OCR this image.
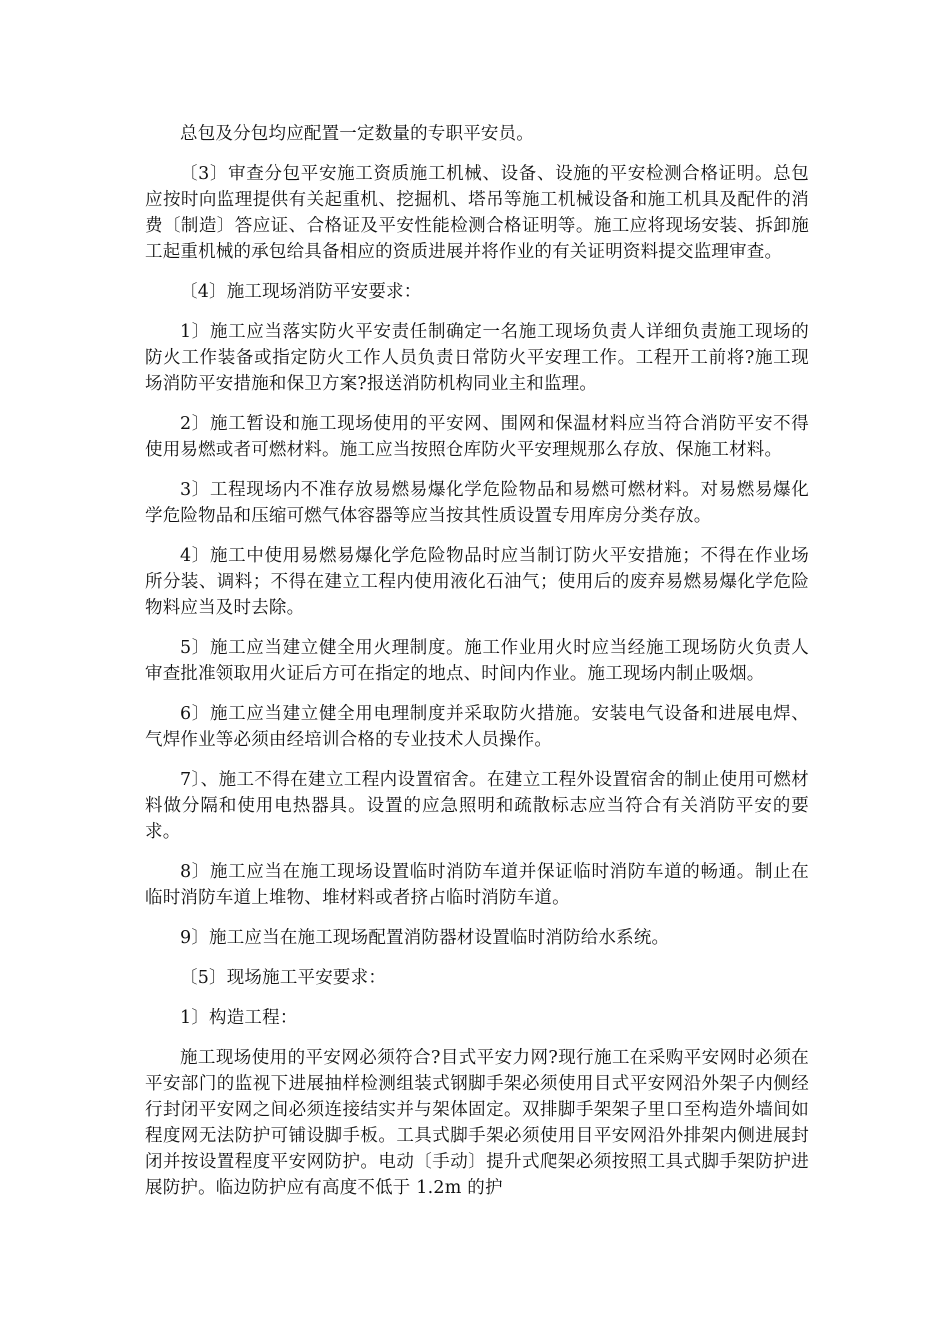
总包及分包均应配置一定数量的专职平安员。

〔3〕审查分包平安施工资质施工机械、设备、设施的平安检测合格证明。总包应按时向监理提供有关起重机、挖掘机、塔吊等施工机械设备和施工机具及配件的消费〔制造〕答应证、合格证及平安性能检测合格证明等。施工应将现场安装、拆卸施工起重机械的承包给具备相应的资质进展并将作业的有关证明资料提交监理审查。

〔4〕施工现场消防平安要求：

1〕施工应当落实防火平安责任制确定一名施工现场负责人详细负责施工现场的防火工作装备或指定防火工作人员负责日常防火平安理工作。工程开工前将?施工现场消防平安措施和保卫方案?报送消防机构同业主和监理。

2〕施工暂设和施工现场使用的平安网、围网和保温材料应当符合消防平安不得使用易燃或者可燃材料。施工应当按照仓库防火平安理规那么存放、保施工材料。

3〕工程现场内不准存放易燃易爆化学危险物品和易燃可燃材料。对易燃易爆化学危险物品和压缩可燃气体容器等应当按其性质设置专用库房分类存放。

4〕施工中使用易燃易爆化学危险物品时应当制订防火平安措施；不得在作业场所分装、调料；不得在建立工程内使用液化石油气；使用后的废弃易燃易爆化学危险物料应当及时去除。

5〕施工应当建立健全用火理制度。施工作业用火时应当经施工现场防火负责人审查批准领取用火证后方可在指定的地点、时间内作业。施工现场内制止吸烟。

6〕施工应当建立健全用电理制度并采取防火措施。安装电气设备和进展电焊、气焊作业等必须由经培训合格的专业技术人员操作。

7〕、施工不得在建立工程内设置宿舍。在建立工程外设置宿舍的制止使用可燃材料做分隔和使用电热器具。设置的应急照明和疏散标志应当符合有关消防平安的要求。

8〕施工应当在施工现场设置临时消防车道并保证临时消防车道的畅通。制止在临时消防车道上堆物、堆材料或者挤占临时消防车道。

9〕施工应当在施工现场配置消防器材设置临时消防给水系统。

〔5〕现场施工平安要求：

1〕构造工程：

施工现场使用的平安网必须符合?目式平安力网?现行施工在采购平安网时必须在平安部门的监视下进展抽样检测组装式钢脚手架必须使用目式平安网沿外架子内侧经行封闭平安网之间必须连接结实并与架体固定。双排脚手架架子里口至构造外墙间如程度网无法防护可铺设脚手板。工具式脚手架必须使用目平安网沿外排架内侧进展封闭并按设置程度平安网防护。电动〔手动〕提升式爬架必须按照工具式脚手架防护进展防护。临边防护应有高度不低于 1.2m 的护
